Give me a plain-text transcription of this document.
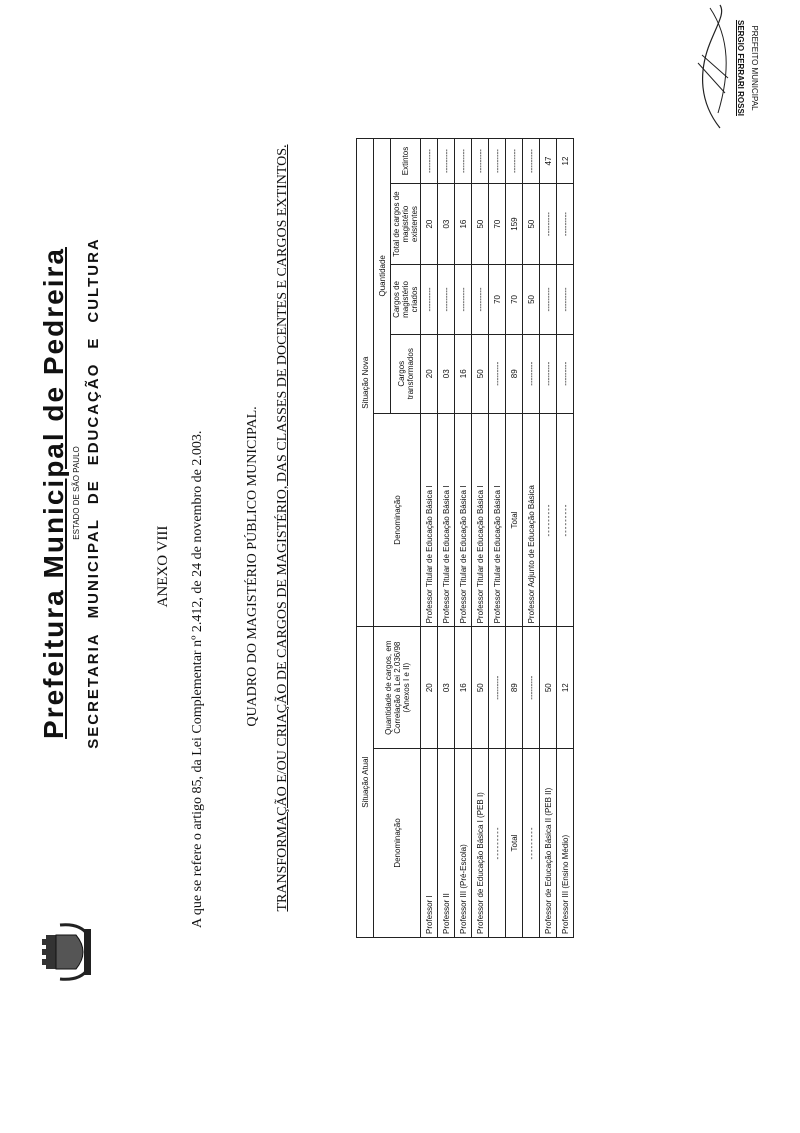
SERGIO FERRARI ROSSI PREFEITO MUNICIPAL

Prefeitura Municipal de Pedreira ESTADO DE SÃO PAULO
SECRETARIAMUNICIPALDEEDUCAÇÃOECULTURA
ANEXO VIII A que se refere o artigo 85, da Lei Complementar nº 2.412, de 24 de novembro de 2.003.	QUADRO DO MAGISTÉRIO PÚBLICO MUNICIPAL. TRANSFORMAÇÃO E/OU CRIAÇÃO DE CARGOS DE MAGISTÉRIO, DAS CLASSES DE DOCENTES E CARGOS EXTINTOS.	Situação Atual		Situação Nova				
Denominação	Quantidade de cargos, em Correlação à Lei 2.036/98 (Anexos I e II)	Denominação	Quantidade			
			Cargos transformados	Cargos de magistério criados	Total de cargos de magistério existentes	Extintos
Professor I	20	Professor Titular de Educação Básica I	20	---------	20	---------
Professor II	03	Professor Titular de Educação Básica I	03	---------	03	---------
Professor III (Pré-Escola)	16	Professor Titular de Educação Básica I	16	---------	16	---------
Professor de Educação Básica I (PEB I)	50	Professor Titular de Educação Básica I	50	---------	50	---------
---------	---------	Professor Titular de Educação Básica I	---------	70	70	---------
Total	89	Total	89	70	159	---------
---------	---------	Professor Adjunto de Educação Básica	---------	50	50	---------
Professor de Educação Básica II (PEB II)	50	---------	---------	---------	---------	47
Professor III (Ensino Médio)	12	---------	---------	---------	---------	12
